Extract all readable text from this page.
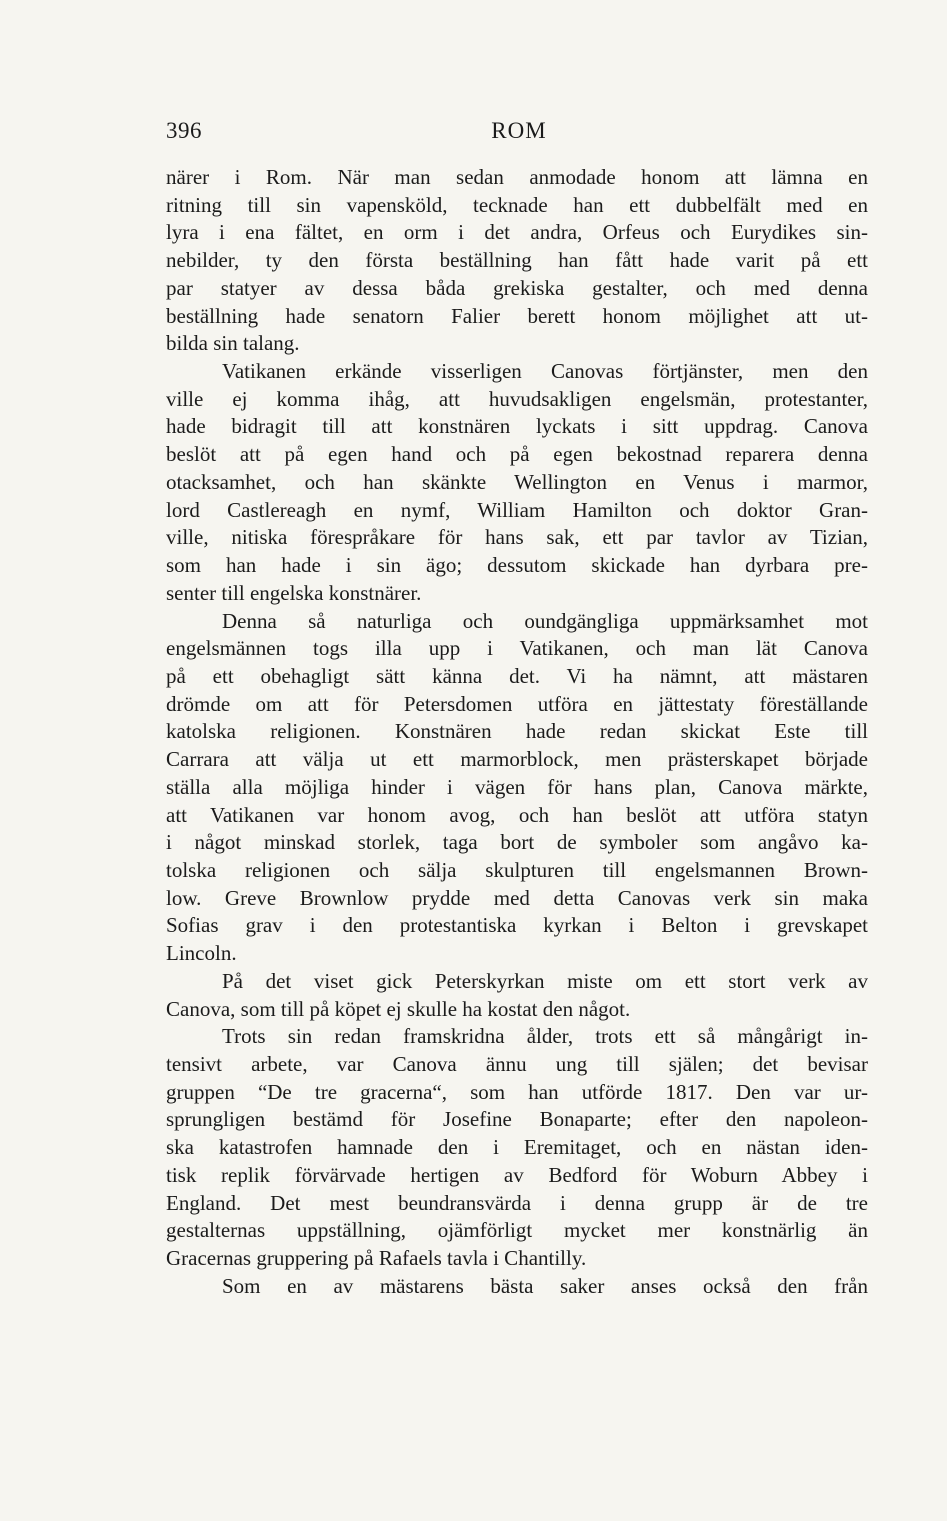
396	ROM
närer i Rom. När man sedan anmodade honom att lämna en
ritning till sin vapensköld, tecknade han ett dubbelfält med en
lyra i ena fältet, en orm i det andra, Orfeus och Eurydikes sin-
nebilder, ty den första beställning han fått hade varit på ett
par statyer av dessa båda grekiska gestalter, och med denna
beställning hade senatorn Falier berett honom möjlighet att ut-
bilda sin talang.
Vatikanen erkände visserligen Canovas förtjänster, men den
ville ej komma ihåg, att huvudsakligen engelsmän, protestanter,
hade bidragit till att konstnären lyckats i sitt uppdrag. Canova
beslöt att på egen hand och på egen bekostnad reparera denna
otacksamhet, och han skänkte Wellington en Venus i marmor,
lord Castlereagh en nymf, William Hamilton och doktor Gran-
ville, nitiska förespråkare för hans sak, ett par tavlor av Tizian,
som han hade i sin ägo; dessutom skickade han dyrbara pre-
senter till engelska konstnärer.
Denna så naturliga och oundgängliga uppmärksamhet mot
engelsmännen togs illa upp i Vatikanen, och man lät Canova
på ett obehagligt sätt känna det. Vi ha nämnt, att mästaren
drömde om att för Petersdomen utföra en jättestaty föreställande
katolska religionen. Konstnären hade redan skickat Este till
Carrara att välja ut ett marmorblock, men prästerskapet började
ställa alla möjliga hinder i vägen för hans plan, Canova märkte,
att Vatikanen var honom avog, och han beslöt att utföra statyn
i något minskad storlek, taga bort de symboler som angåvo ka-
tolska religionen och sälja skulpturen till engelsmannen Brown-
low. Greve Brownlow prydde med detta Canovas verk sin maka
Sofias grav i den protestantiska kyrkan i Belton i grevskapet
Lincoln.
På det viset gick Peterskyrkan miste om ett stort verk av
Canova, som till på köpet ej skulle ha kostat den något.
Trots sin redan framskridna ålder, trots ett så mångårigt in-
tensivt arbete, var Canova ännu ung till själen; det bevisar
gruppen “De tre gracerna“, som han utförde 1817. Den var ur-
sprungligen bestämd för Josefine Bonaparte; efter den napoleon-
ska katastrofen hamnade den i Eremitaget, och en nästan iden-
tisk replik förvärvade hertigen av Bedford för Woburn Abbey i
England. Det mest beundransvärda i denna grupp är de tre
gestalternas uppställning, ojämförligt mycket mer konstnärlig än
Gracernas gruppering på Rafaels tavla i Chantilly.
Som en av mästarens bästa saker anses också den från
